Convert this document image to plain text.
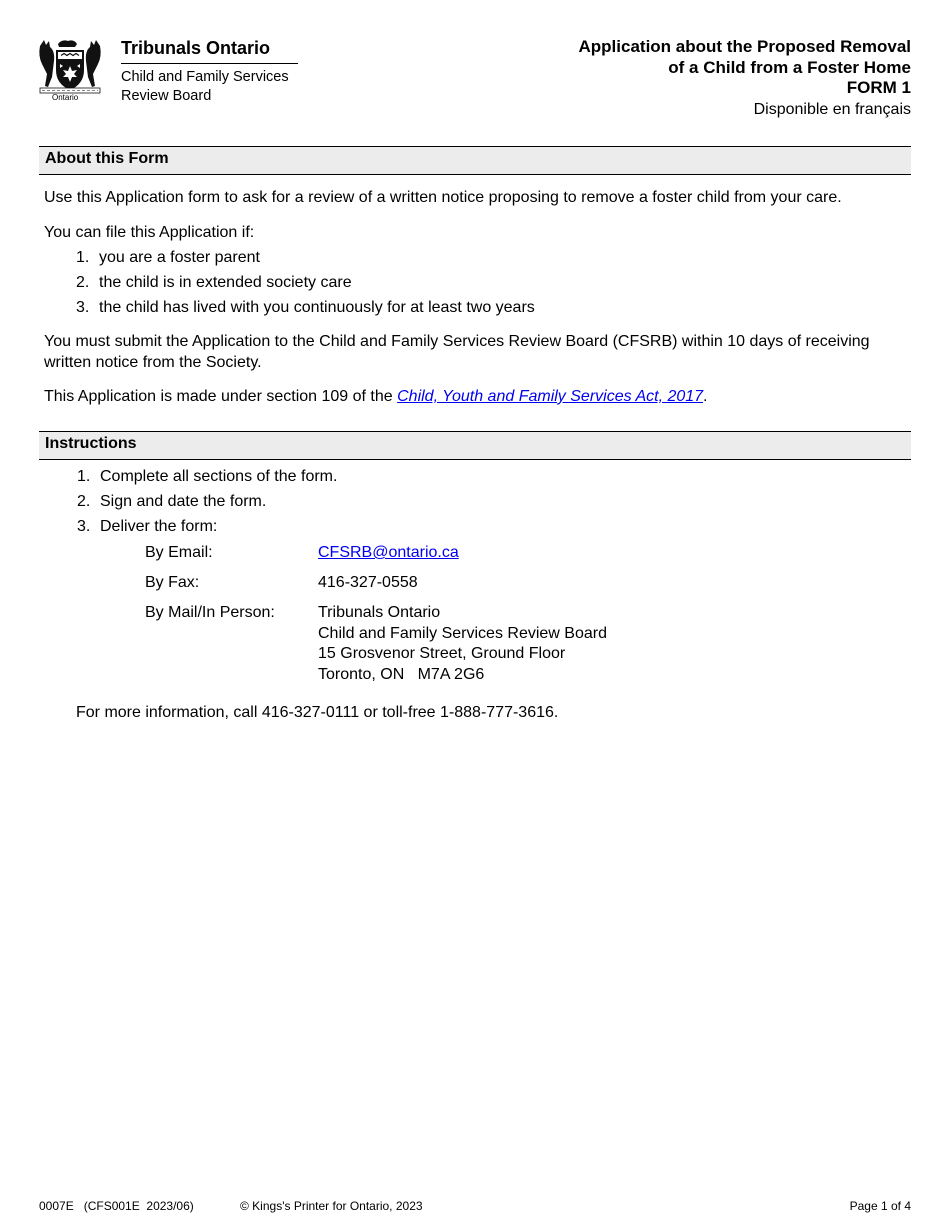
Ontario
Tribunals Ontario
Child and Family Services
Review Board
Application about the Proposed Removal
of a Child from a Foster Home
FORM 1
Disponible en français
About this Form
Use this Application form to ask for a review of a written notice proposing to remove a foster child from your care.
You can file this Application if:
1. you are a foster parent
2. the child is in extended society care
3. the child has lived with you continuously for at least two years
You must submit the Application to the Child and Family Services Review Board (CFSRB) within 10 days of receiving written notice from the Society.
This Application is made under section 109 of the Child, Youth and Family Services Act, 2017.
Instructions
1. Complete all sections of the form.
2. Sign and date the form.
3. Deliver the form:
By Email:	CFSRB@ontario.ca
By Fax:	416-327-0558
By Mail/In Person:	Tribunals Ontario
Child and Family Services Review Board
15 Grosvenor Street, Ground Floor
Toronto, ON   M7A 2G6
For more information, call 416-327-0111 or toll-free 1-888-777-3616.
0007E   (CFS001E  2023/06)	© Kings's Printer for Ontario, 2023	Page 1 of 4
